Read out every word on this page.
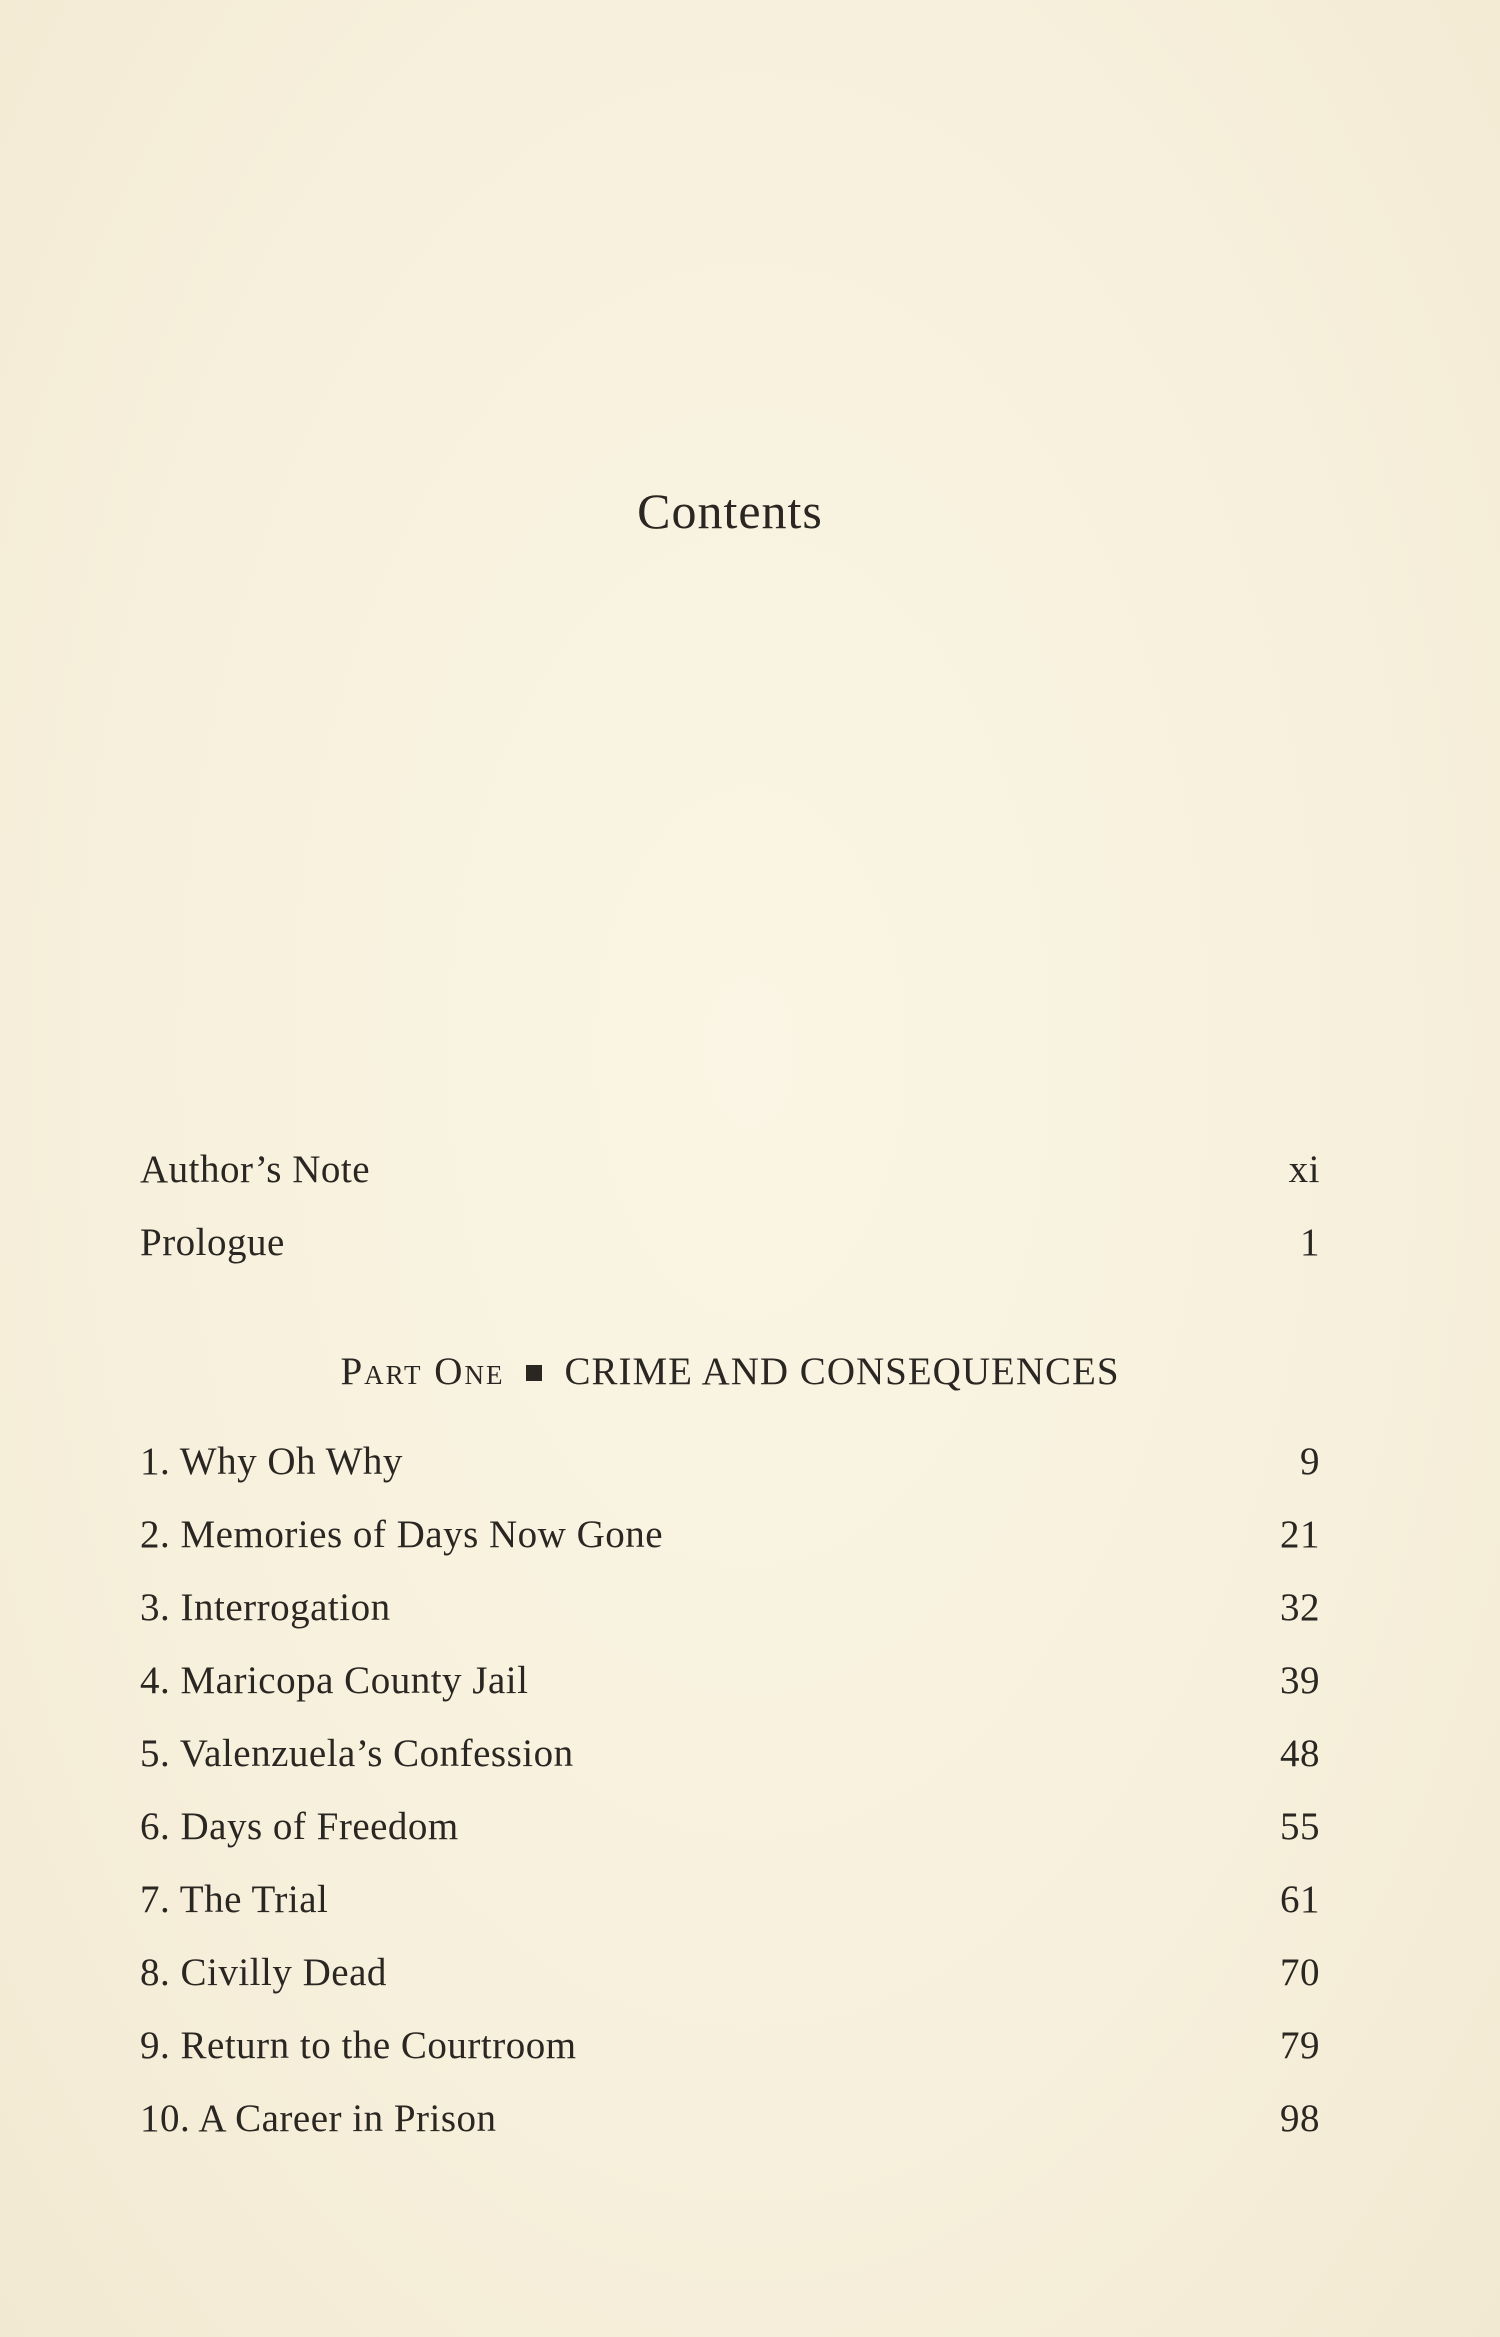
Contents
Author’s Note	xi
Prologue	1
Part One CRIME AND CONSEQUENCES
1. Why Oh Why	9
2. Memories of Days Now Gone	21
3. Interrogation	32
4. Maricopa County Jail	39
5. Valenzuela’s Confession	48
6. Days of Freedom	55
7. The Trial	61
8. Civilly Dead	70
9. Return to the Courtroom	79
10. A Career in Prison	98
